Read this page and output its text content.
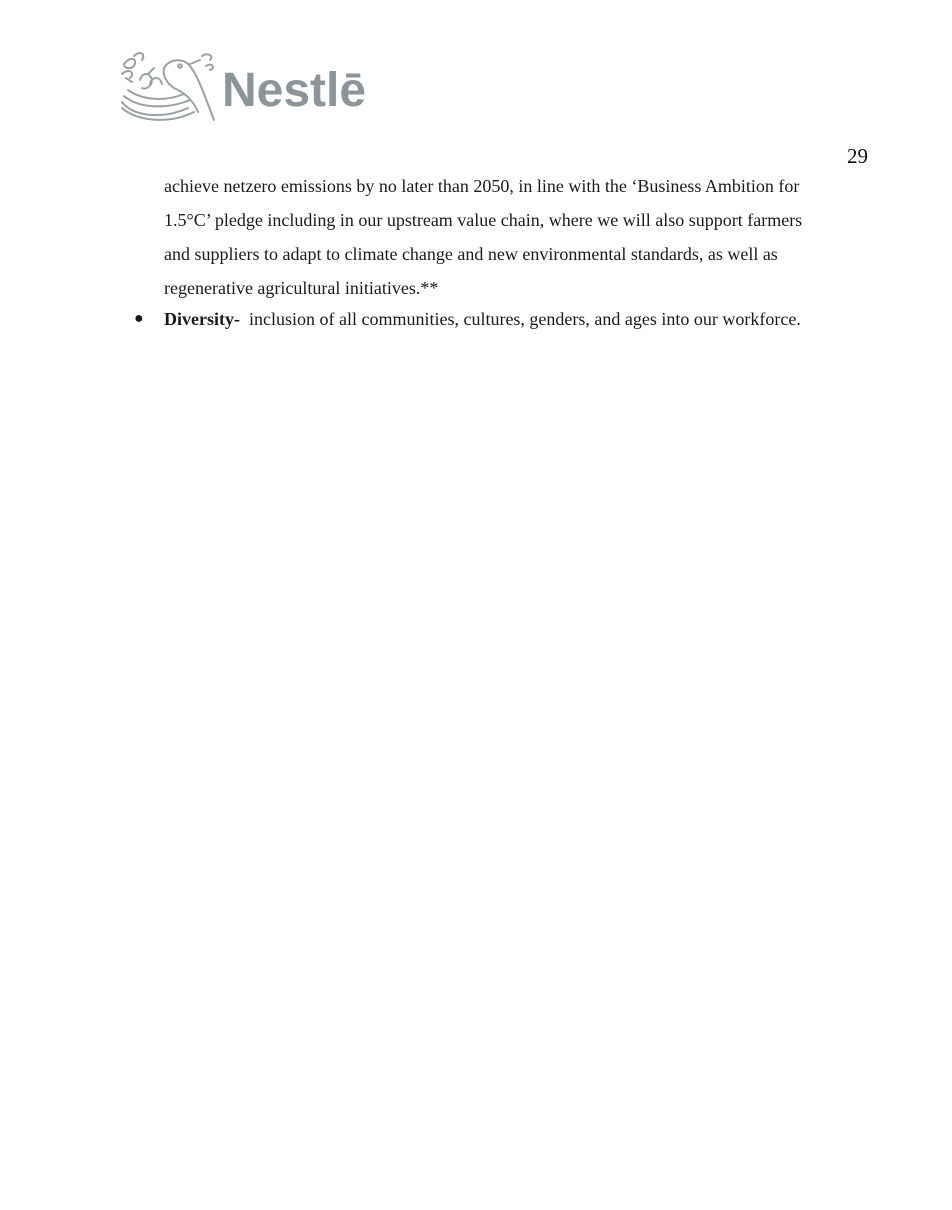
Nestlē
29
achieve netzero emissions by no later than 2050, in line with the ‘Business Ambition for
1.5°C’ pledge including in our upstream value chain, where we will also support farmers
and suppliers to adapt to climate change and new environmental standards, as well as
regenerative agricultural initiatives.**
●	Diversity- inclusion of all communities, cultures, genders, and ages into our workforce.
